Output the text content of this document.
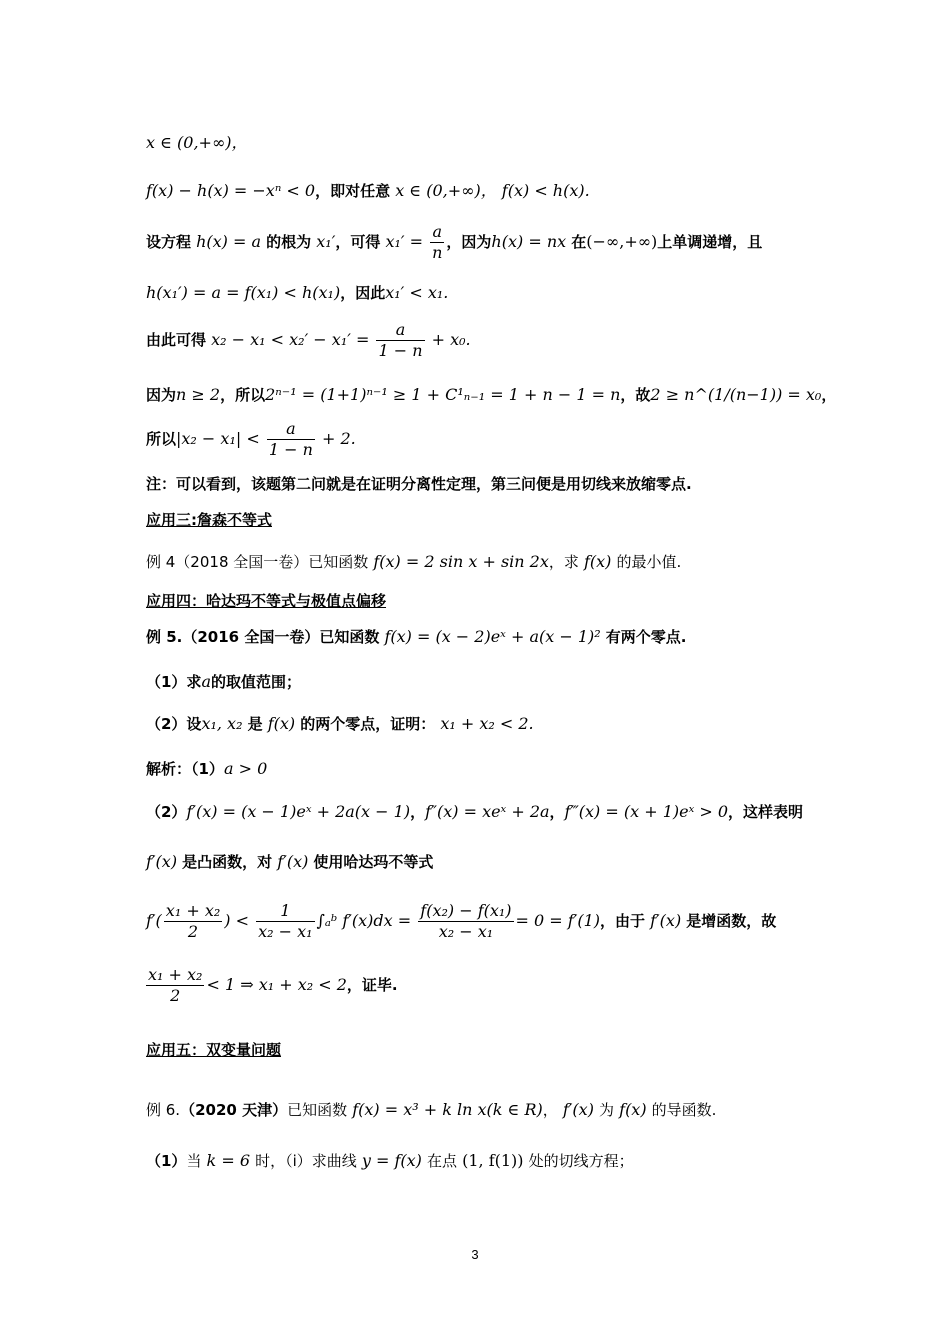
x ∈ (0,+∞)，
f(x) − h(x) = −xⁿ < 0，即对任意 x ∈ (0,+∞)， f(x) < h(x).
设方程 h(x) = a 的根为 x₁′，可得 $x_1' = \frac{a}{n}$ ，因为h(x) = nx 在(−∞,+∞)上单调递增，且
h(x₁′) = a = f(x₁) < h(x₁)，因此x₁′ < x₁.
由此可得 $x_2 - x_1 < x_2' - x_1' = \frac{a}{1 - n} + x_0$.
因为n ≥ 2，所以2ⁿ⁻¹ = (1+1)ⁿ⁻¹ ≥ 1 + C¹ₙ₋₁ = 1 + n − 1 = n，故2 ≥ n^(1/(n−1)) = x₀，
所以$|x_2 - x_1| < \frac{a}{1 - n} + 2$.
注：可以看到，该题第二问就是在证明分离性定理，第三问便是用切线来放缩零点.
应用三:詹森不等式
例 4（2018 全国一卷）已知函数 f(x) = 2 sin x + sin 2x，求 f(x) 的最小值.
应用四：哈达玛不等式与极值点偏移
例 5.（2016 全国一卷）已知函数 f(x) = (x − 2)eˣ + a(x − 1)² 有两个零点.
（1）求a的取值范围；
（2）设x₁, x₂ 是 f(x) 的两个零点，证明： x₁ + x₂ < 2.
解析：（1）a > 0
（2）f′(x) = (x − 1)eˣ + 2a(x − 1)，f″(x) = xeˣ + 2a，f‴(x) = (x + 1)eˣ > 0，这样表明
f′(x) 是凸函数，对 f′(x) 使用哈达玛不等式
$f'( \frac{\text{x₁ + x₂}}{2}$ ) < $\frac{1}{\text{x₂ − x₁}}$ ∫ₐᵇ $f'(x)dx = \frac{\text{f(x₂) − f(x₁)}}{\text{x₂ − x₁}} = 0 = f'(1)$，由于 f′(x) 是增函数，故
$\frac{\text{x₁ + x₂}}{2} < 1$ ⇒ x₁ + x₂ < 2，证毕.
应用五：双变量问题
例 6.（2020 天津）已知函数 f(x) = x³ + k ln x(k ∈ R)， f′(x) 为 f(x) 的导函数.
（1）当 k = 6 时，（i）求曲线 y = f(x) 在点 (1, f(1)) 处的切线方程；
3
